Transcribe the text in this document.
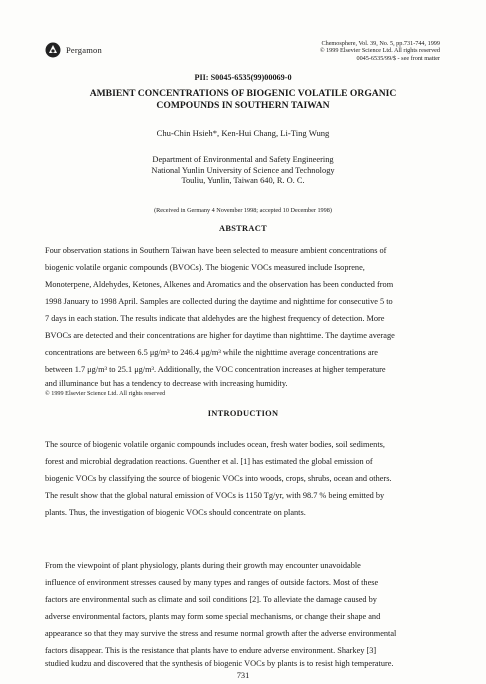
Pergamon
Chemosphere, Vol. 39, No. 5, pp.731-744, 1999
© 1999 Elsevier Science Ltd. All rights reserved
0045-6535/99/$ - see front matter
PII: S0045-6535(99)00069-0
AMBIENT CONCENTRATIONS OF BIOGENIC VOLATILE ORGANIC
COMPOUNDS IN SOUTHERN TAIWAN
Chu-Chin Hsieh*, Ken-Hui Chang, Li-Ting Wung
Department of Environmental and Safety Engineering
National Yunlin University of Science and Technology
Touliu, Yunlin, Taiwan 640, R. O. C.
(Received in Germany 4 November 1998; accepted 10 December 1998)
ABSTRACT
Four observation stations in Southern Taiwan have been selected to measure ambient concentrations of
biogenic volatile organic compounds (BVOCs). The biogenic VOCs measured include Isoprene,
Monoterpene, Aldehydes, Ketones, Alkenes and Aromatics and the observation has been conducted from
1998 January to 1998 April. Samples are collected during the daytime and nighttime for consecutive 5 to
7 days in each station. The results indicate that aldehydes are the highest frequency of detection. More
BVOCs are detected and their concentrations are higher for daytime than nighttime. The daytime average
concentrations are between 6.5 μg/m³ to 246.4 μg/m³ while the nighttime average concentrations are
between 1.7 μg/m³ to 25.1 μg/m³. Additionally, the VOC concentration increases at higher temperature
and illuminance but has a tendency to decrease with increasing humidity.
© 1999 Elsevier Science Ltd. All rights reserved
INTRODUCTION
The source of biogenic volatile organic compounds includes ocean, fresh water bodies, soil sediments,
forest and microbial degradation reactions. Guenther et al. [1] has estimated the global emission of
biogenic VOCs by classifying the source of biogenic VOCs into woods, crops, shrubs, ocean and others.
The result show that the global natural emission of VOCs is 1150 Tg/yr, with 98.7 % being emitted by
plants. Thus, the investigation of biogenic VOCs should concentrate on plants.
From the viewpoint of plant physiology, plants during their growth may encounter unavoidable
influence of environment stresses caused by many types and ranges of outside factors. Most of these
factors are environmental such as climate and soil conditions [2]. To alleviate the damage caused by
adverse environmental factors, plants may form some special mechanisms, or change their shape and
appearance so that they may survive the stress and resume normal growth after the adverse environmental
factors disappear. This is the resistance that plants have to endure adverse environment. Sharkey [3]
studied kudzu and discovered that the synthesis of biogenic VOCs by plants is to resist high temperature.
731
